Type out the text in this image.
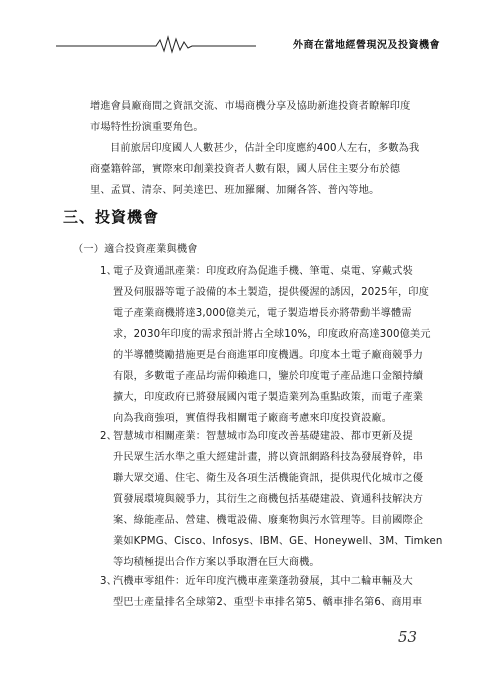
外商在當地經營現況及投資機會
增進會員廠商間之資訊交流、市場商機分享及協助新進投資者瞭解印度
市場特性扮演重要角色。
目前旅居印度國人人數甚少，估計全印度應約400人左右，多數為我
商臺籍幹部，實際來印創業投資者人數有限，國人居住主要分布於德
里、孟買、清奈、阿美達巴、班加羅爾、加爾各答、普內等地。
三、投資機會
（一）適合投資產業與機會
1、
電子及資通訊產業：印度政府為促進手機、筆電、桌電、穿戴式裝
置及伺服器等電子設備的本土製造，提供優渥的誘因，2025年，印度
電子產業商機將達3,000億美元，電子製造增長亦將帶動半導體需
求，2030年印度的需求預計將占全球10%，印度政府高達300億美元
的半導體獎勵措施更是台商進軍印度機遇。印度本土電子廠商競爭力
有限，多數電子產品均需仰賴進口，鑒於印度電子產品進口金額持續
擴大，印度政府已將發展國內電子製造業列為重點政策，而電子產業
向為我商強項，實值得我相關電子廠商考慮來印度投資設廠。
2、
智慧城市相關產業：智慧城市為印度改善基礎建設、都市更新及提
升民眾生活水準之重大經建計畫，將以資訊網路科技為發展脊幹，串
聯大眾交通、住宅、衛生及各項生活機能資訊，提供現代化城市之優
質發展環境與競爭力，其衍生之商機包括基礎建設、資通科技解決方
案、綠能產品、營建、機電設備、廢棄物與污水管理等。目前國際企
業如KPMG、Cisco、Infosys、IBM、GE、Honeywell、3M、Timken
等均積極提出合作方案以爭取潛在巨大商機。
3、
汽機車零組件：近年印度汽機車產業蓬勃發展，其中二輪車輛及大
型巴士產量排名全球第2、重型卡車排名第5、轎車排名第6、商用車
53
